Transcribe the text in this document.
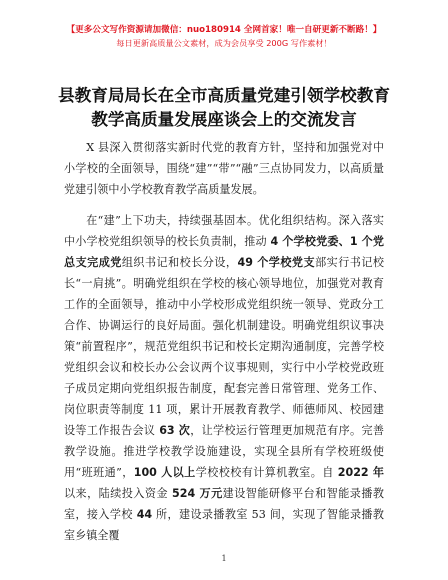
【更多公文写作资源请加微信：nuo180914 全网首家！唯一自研更新不断路！】
每日更新高质量公文素材，成为会员享受 200G 写作素材！
县教育局局长在全市高质量党建引领学校教育
教学高质量发展座谈会上的交流发言

X 县深入贯彻落实新时代党的教育方针，坚持和加强党对中小学校的全面领导，围绕“建”“带”“融”三点协同发力，以高质量党建引领中小学校教育教学高质量发展。

在“建”上下功夫，持续强基固本。优化组织结构。深入落实中小学校党组织领导的校长负责制，推动 4 个学校党委、1 个党总支完成党组织书记和校长分设，49 个学校党支部实行书记校长“一肩挑”。明确党组织在学校的核心领导地位，加强党对教育工作的全面领导，推动中小学校形成党组织统一领导、党政分工合作、协调运行的良好局面。强化机制建设。明确党组织议事决策“前置程序”，规范党组织书记和校长定期沟通制度，完善学校党组织会议和校长办公会议两个议事规则，实行中小学校党政班子成员定期向党组织报告制度，配套完善日常管理、党务工作、岗位职责等制度 11 项，累计开展教育教学、师德师风、校园建设等工作报告会议 63 次，让学校运行管理更加规范有序。完善教学设施。推进学校教学设施建设，实现全县所有学校班级使用“班班通”，100 人以上学校校校有计算机教室。自 2022 年以来，陆续投入资金 524 万元建设智能研修平台和智能录播教室，接入学校 44 所，建设录播教室 53 间，实现了智能录播教室乡镇全覆

1
